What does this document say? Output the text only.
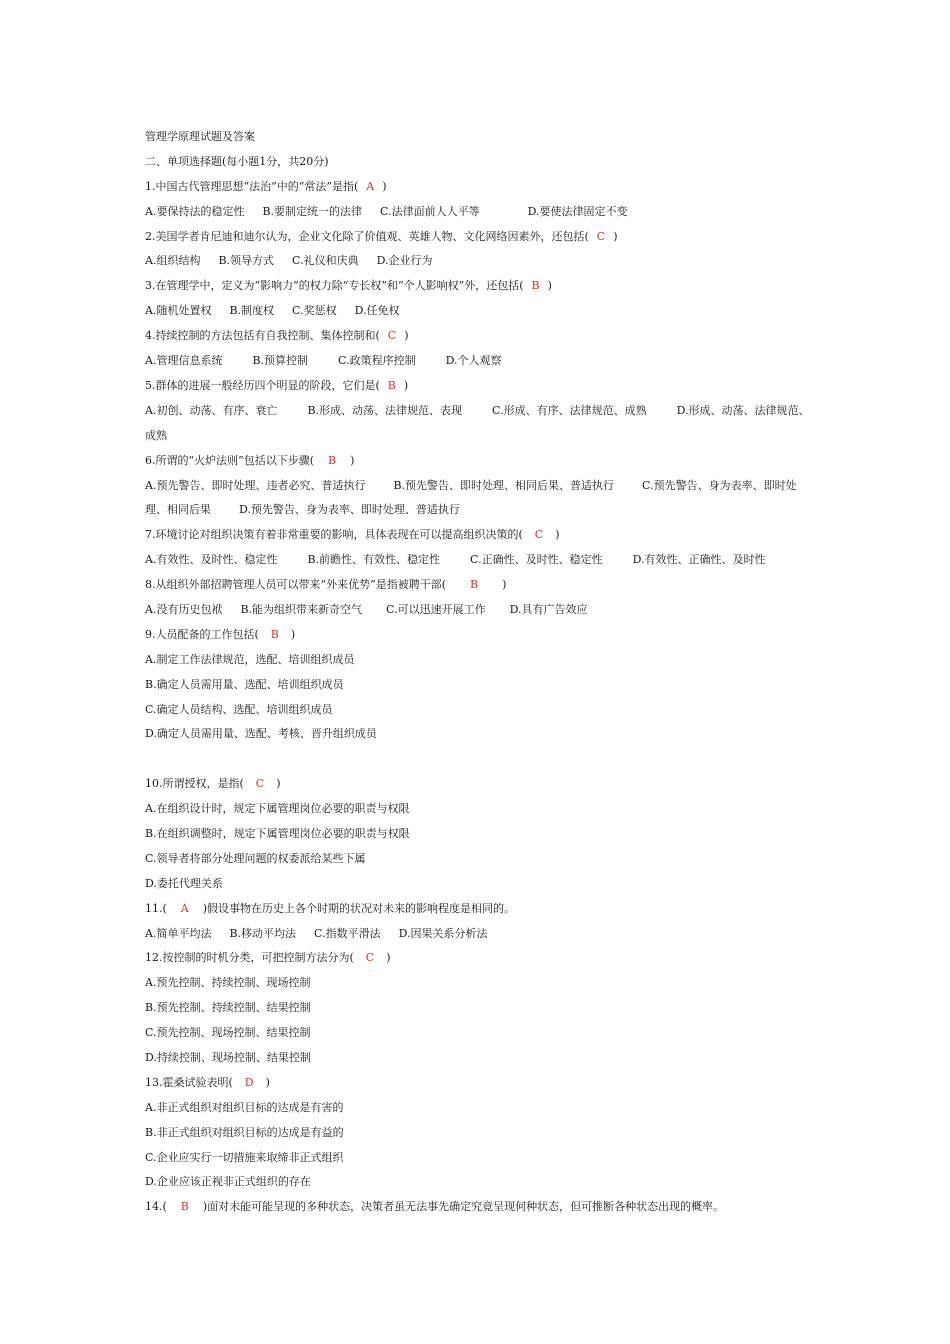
管理学原理试题及答案
二、单项选择题(每小题1分，共20分)
1.中国古代管理思想“法治”中的“常法”是指( A )
A.要保持法的稳定性 B.要制定统一的法律 C.法律面前人人平等	D.要使法律固定不变
2.美国学者肯尼迪和迪尔认为，企业文化除了价值观、英雄人物、文化网络因素外，还包括( C )
A.组织结构 B.领导方式 C.礼仪和庆典 D.企业行为
3.在管理学中，定义为“影响力”的权力除“专长权”和“个人影响权”外，还包括( B )
A.随机处置权 B.制度权 C.奖惩权 D.任免权
4.持续控制的方法包括有自我控制、集体控制和( C )
A.管理信息系统	B.预算控制	C.政策程序控制	D.个人观察
5.群体的进展一般经历四个明显的阶段，它们是( B )
A.初创、动荡、有序、衰亡	B.形成、动荡、法律规范、表现	C.形成、有序、法律规范、成熟	D.形成、动荡、法律规范、成熟
6.所谓的“火炉法则”包括以下步骤( B )
A.预先警告、即时处理、违者必究、普适执行	B.预先警告、即时处理、相同后果、普适执行	C.预先警告、身为表率、即时处理、相同后果	D.预先警告、身为表率、即时处理、普适执行
7.环境讨论对组织决策有着非常重要的影响，具体表现在可以提高组织决策的( C )
A.有效性、及时性、稳定性	B.前瞻性、有效性、稳定性	C.正确性、及时性、稳定性	D.有效性、正确性、及时性
8.从组织外部招聘管理人员可以带来“外来优势”是指被聘干部( B )
A.没有历史包袱 B.能为组织带来新奇空气 C.可以迅速开展工作 D.具有广告效应
9.人员配备的工作包括( B )
A.制定工作法律规范，选配、培训组织成员
B.确定人员需用量、选配、培训组织成员
C.确定人员结构、选配、培训组织成员
D.确定人员需用量、选配、考核、晋升组织成员
10.所谓授权，是指( C )
A.在组织设计时，规定下属管理岗位必要的职责与权限
B.在组织调整时，规定下属管理岗位必要的职责与权限
C.领导者将部分处理问题的权委派给某些下属
D.委托代理关系
11.( A )假设事物在历史上各个时期的状况对未来的影响程度是相同的。
A.简单平均法 B.移动平均法 C.指数平滑法 D.因果关系分析法
12.按控制的时机分类，可把控制方法分为( C )
A.预先控制、持续控制、现场控制
B.预先控制、持续控制、结果控制
C.预先控制、现场控制、结果控制
D.持续控制、现场控制、结果控制
13.霍桑试验表明( D )
A.非正式组织对组织目标的达成是有害的
B.非正式组织对组织目标的达成是有益的
C.企业应实行一切措施来取缔非正式组织
D.企业应该正视非正式组织的存在
14.( B )面对未能可能呈现的多种状态，决策者虽无法事先确定究竟呈现何种状态，但可推断各种状态出现的概率。
